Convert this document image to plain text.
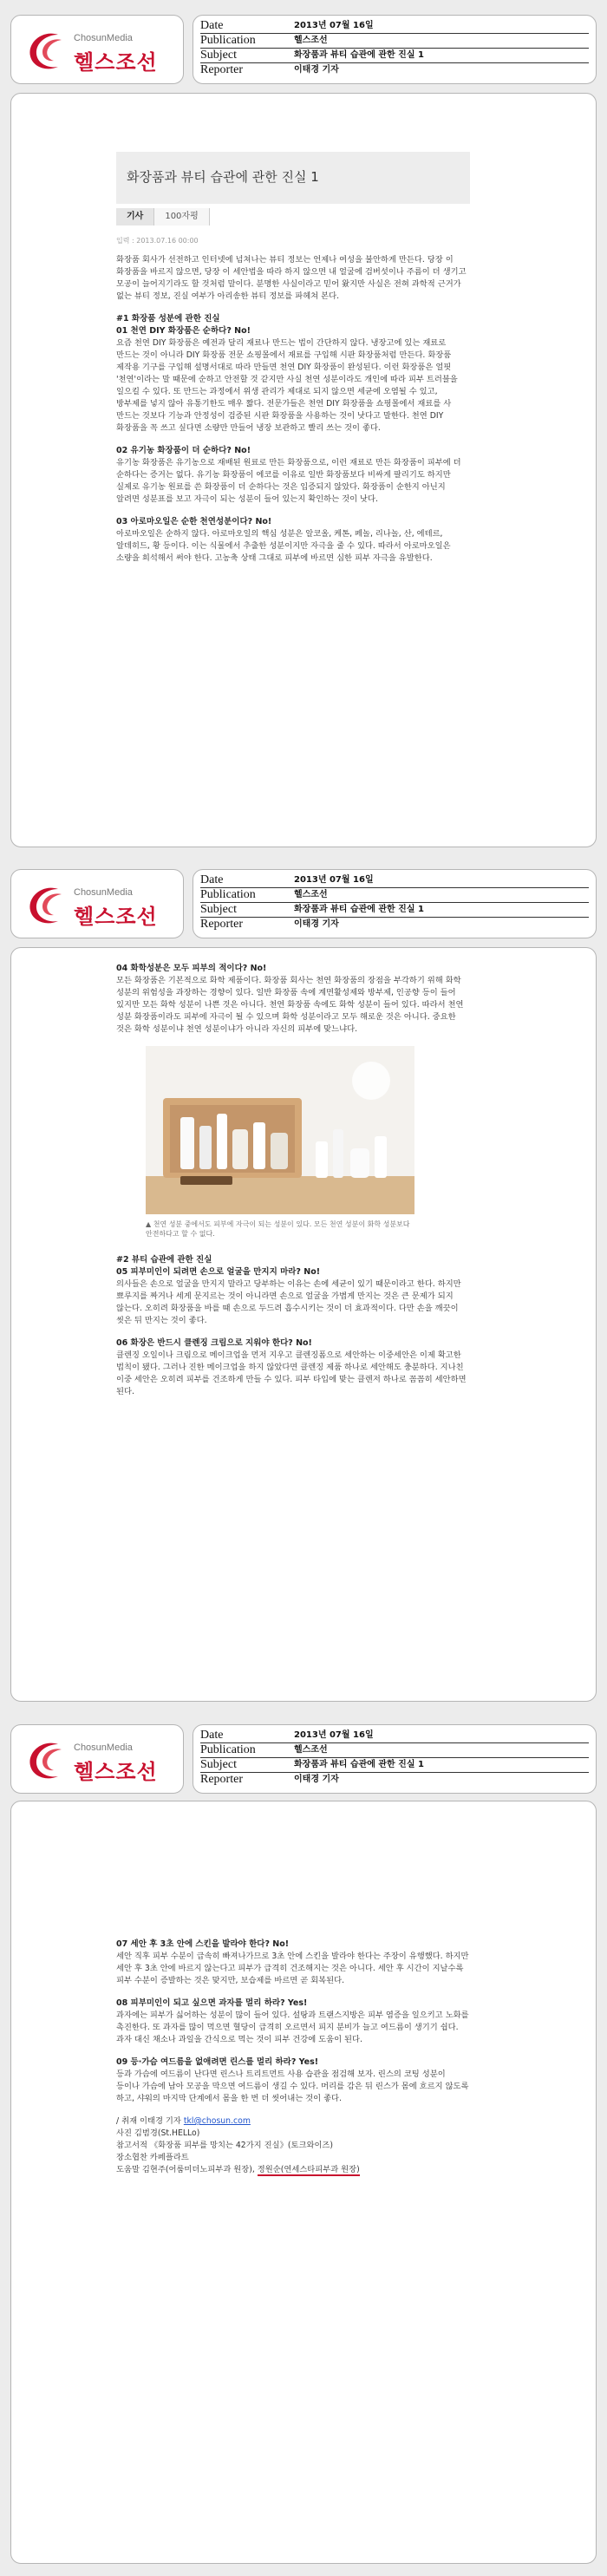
ChosunMedia
헬스조선
Date	2013년 07월 16일
Publication	헬스조선
Subject	화장품과 뷰티 습관에 관한 진실 1
Reporter	이태경 기자
화장품과 뷰티 습관에 관한 진실 1
기사	100자평
입력 : 2013.07.16 00:00

화장품 회사가 선전하고 인터넷에 넘쳐나는 뷰티 정보는 언제나 여성을 불안하게 만든다. 당장 이 화장품을 바르지 않으면, 당장 이 세안법을 따라 하지 않으면 내 얼굴에 검버섯이나 주름이 더 생기고 모공이 늘어지기라도 할 것처럼 말이다. 분명한 사실이라고 믿어 왔지만 사실은 전혀 과학적 근거가 없는 뷰티 정보, 진실 여부가 아리송한 뷰티 정보를 파헤쳐 본다.

#1 화장품 성분에 관한 진실
01 천연 DIY 화장품은 순하다? No!

요즘 천연 DIY 화장품은 예전과 달리 재료나 만드는 법이 간단하지 않다. 냉장고에 있는 재료로 만드는 것이 아니라 DIY 화장품 전문 쇼핑몰에서 재료를 구입해 시판 화장품처럼 만든다. 화장품 제작용 기구를 구입해 설명서대로 따라 만들면 천연 DIY 화장품이 완성된다. 이런 화장품은 얼핏 '천연'이라는 말 때문에 순하고 안전할 것 같지만 사실 천연 성분이라도 개인에 따라 피부 트러블을 일으킬 수 있다. 또 만드는 과정에서 위생 관리가 제대로 되지 않으면 세균에 오염될 수 있고, 방부제를 넣지 않아 유통기한도 매우 짧다. 전문가들은 천연 DIY 화장품을 쇼핑몰에서 재료를 사 만드는 것보다 기능과 안정성이 검증된 시판 화장품을 사용하는 것이 낫다고 말한다. 천연 DIY 화장품을 꼭 쓰고 싶다면 소량만 만들어 냉장 보관하고 빨리 쓰는 것이 좋다.

02 유기농 화장품이 더 순하다? No!

유기농 화장품은 유기농으로 재배된 원료로 만든 화장품으로, 이런 재료로 만든 화장품이 피부에 더 순하다는 증거는 없다. 유기농 화장품이 에코를 이유로 일반 화장품보다 비싸게 팔리기도 하지만 실제로 유기농 원료를 쓴 화장품이 더 순하다는 것은 입증되지 않았다. 화장품이 순한지 아닌지 알려면 성분표를 보고 자극이 되는 성분이 들어 있는지 확인하는 것이 낫다.

03 아로마오일은 순한 천연성분이다? No!

아로마오일은 순하지 않다. 아로마오일의 핵심 성분은 알코올, 케톤, 페놀, 리나놀, 산, 에테르, 알데히드, 황 등이다. 이는 식물에서 추출한 성분이지만 자극을 줄 수 있다. 따라서 아로마오일은 소량을 희석해서 써야 한다. 고농축 상태 그대로 피부에 바르면 심한 피부 자극을 유발한다.

ChosunMedia
헬스조선
Date	2013년 07월 16일
Publication	헬스조선
Subject	화장품과 뷰티 습관에 관한 진실 1
Reporter	이태경 기자
04 화학성분은 모두 피부의 적이다? No!

모든 화장품은 기본적으로 화학 제품이다. 화장품 회사는 천연 화장품의 장점을 부각하기 위해 화학 성분의 위험성을 과장하는 경향이 있다. 일반 화장품 속에 계면활성제와 방부제, 인공향 등이 들어 있지만 모든 화학 성분이 나쁜 것은 아니다. 천연 화장품 속에도 화학 성분이 들어 있다. 따라서 천연 성분 화장품이라도 피부에 자극이 될 수 있으며 화학 성분이라고 모두 해로운 것은 아니다. 중요한 것은 화학 성분이냐 천연 성분이냐가 아니라 자신의 피부에 맞느냐다.

▲ 천연 성분 중에서도 피부에 자극이 되는 성분이 있다. 모든 천연 성분이 화학 성분보다 안전하다고 할 수 없다.
#2 뷰티 습관에 관한 진실
05 피부미인이 되려면 손으로 얼굴을 만지지 마라? No!

의사들은 손으로 얼굴을 만지지 말라고 당부하는 이유는 손에 세균이 있기 때문이라고 한다. 하지만 뾰루지를 짜거나 세게 문지르는 것이 아니라면 손으로 얼굴을 가볍게 만지는 것은 큰 문제가 되지 않는다. 오히려 화장품을 바를 때 손으로 두드려 흡수시키는 것이 더 효과적이다. 다만 손을 깨끗이 씻은 뒤 만지는 것이 좋다.

06 화장은 반드시 클렌징 크림으로 지워야 한다? No!

클렌징 오일이나 크림으로 메이크업을 먼저 지우고 클렌징폼으로 세안하는 이중세안은 이제 확고한 법칙이 됐다. 그러나 진한 메이크업을 하지 않았다면 클렌징 제품 하나로 세안해도 충분하다. 지나친 이중 세안은 오히려 피부를 건조하게 만들 수 있다. 피부 타입에 맞는 클렌저 하나로 꼼꼼히 세안하면 된다.

ChosunMedia
헬스조선
Date	2013년 07월 16일
Publication	헬스조선
Subject	화장품과 뷰티 습관에 관한 진실 1
Reporter	이태경 기자
07 세안 후 3초 안에 스킨을 발라야 한다? No!

세안 직후 피부 수분이 급속히 빠져나가므로 3초 안에 스킨을 발라야 한다는 주장이 유행했다. 하지만 세안 후 3초 안에 바르지 않는다고 피부가 급격히 건조해지는 것은 아니다. 세안 후 시간이 지날수록 피부 수분이 증발하는 것은 맞지만, 보습제를 바르면 곧 회복된다.

08 피부미인이 되고 싶으면 과자를 멀리 하라? Yes!

과자에는 피부가 싫어하는 성분이 많이 들어 있다. 설탕과 트랜스지방은 피부 염증을 일으키고 노화를 촉진한다. 또 과자를 많이 먹으면 혈당이 급격히 오르면서 피지 분비가 늘고 여드름이 생기기 쉽다. 과자 대신 채소나 과일을 간식으로 먹는 것이 피부 건강에 도움이 된다.

09 등·가슴 여드름을 없애려면 린스를 멀리 하라? Yes!

등과 가슴에 여드름이 난다면 린스나 트리트먼트 사용 습관을 점검해 보자. 린스의 코팅 성분이 등이나 가슴에 남아 모공을 막으면 여드름이 생길 수 있다. 머리를 감은 뒤 린스가 몸에 흐르지 않도록 하고, 샤워의 마지막 단계에서 몸을 한 번 더 씻어내는 것이 좋다.

/ 취재 이태경 기자 tkl@chosun.com
사진 김범경(St.HELLo)
참고서적 《화장품 피부를 망치는 42가지 진실》(토크와이즈)
장소협찬 카페플라트
도움말 김현주(어룸미더노피부과 원장), 정원순(연세스타피부과 원장)
